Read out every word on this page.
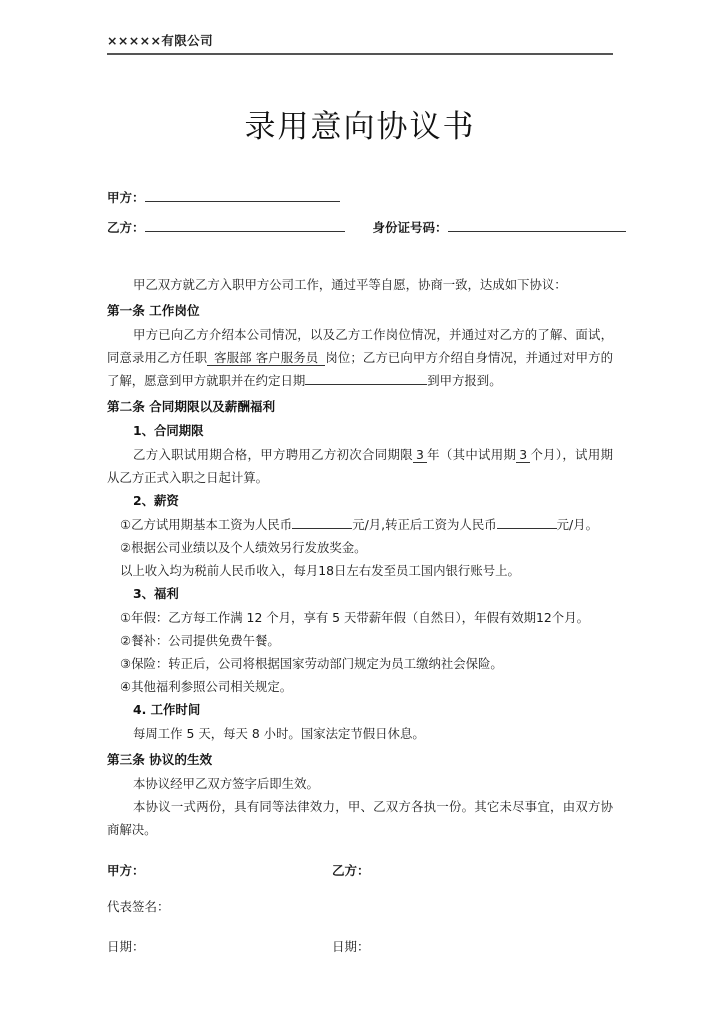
×××××有限公司
录用意向协议书
甲方：
乙方：	身份证号码：
甲乙双方就乙方入职甲方公司工作，通过平等自愿，协商一致，达成如下协议：
第一条 工作岗位
甲方已向乙方介绍本公司情况，以及乙方工作岗位情况，并通过对乙方的了解、面试，同意录用乙方任职 客服部 客户服务员 岗位；乙方已向甲方介绍自身情况，并通过对甲方的了解，愿意到甲方就职并在约定日期	到甲方报到。
第二条 合同期限以及薪酬福利
1、合同期限
乙方入职试用期合格，甲方聘用乙方初次合同期限 3 年（其中试用期 3 个月），试用期从乙方正式入职之日起计算。
2、薪资
①乙方试用期基本工资为人民币	元/月,转正后工资为人民币	元/月。
②根据公司业绩以及个人绩效另行发放奖金。
以上收入均为税前人民币收入，每月18日左右发至员工国内银行账号上。
3、福利
①年假：乙方每工作满 12 个月，享有 5 天带薪年假（自然日），年假有效期12个月。
②餐补：公司提供免费午餐。
③保险：转正后，公司将根据国家劳动部门规定为员工缴纳社会保险。
④其他福利参照公司相关规定。
4. 工作时间
每周工作 5 天，每天 8 小时。国家法定节假日休息。
第三条 协议的生效
本协议经甲乙双方签字后即生效。
本协议一式两份，具有同等法律效力，甲、乙双方各执一份。其它未尽事宜，由双方协商解决。
甲方：	乙方：
代表签名：
日期：	日期：
